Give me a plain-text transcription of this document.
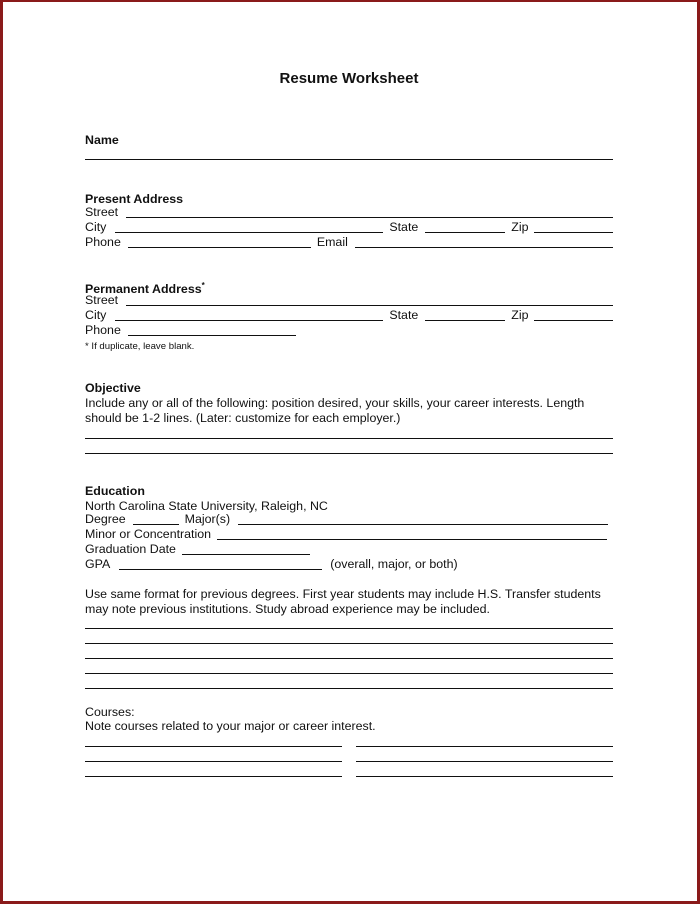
Resume Worksheet
Name
Present Address
Street
City	State	Zip
Phone	Email
Permanent Address*
Street
City	State	Zip
Phone
* If duplicate, leave blank.
Objective
Include any or all of the following: position desired, your skills, your career interests. Length
should be 1-2 lines. (Later: customize for each employer.)
Education
North Carolina State University, Raleigh, NC
Degree	Major(s)
Minor or Concentration
Graduation Date
GPA	(overall, major, or both)
Use same format for previous degrees. First year students may include H.S. Transfer students
may note previous institutions. Study abroad experience may be included.
Courses:
Note courses related to your major or career interest.
